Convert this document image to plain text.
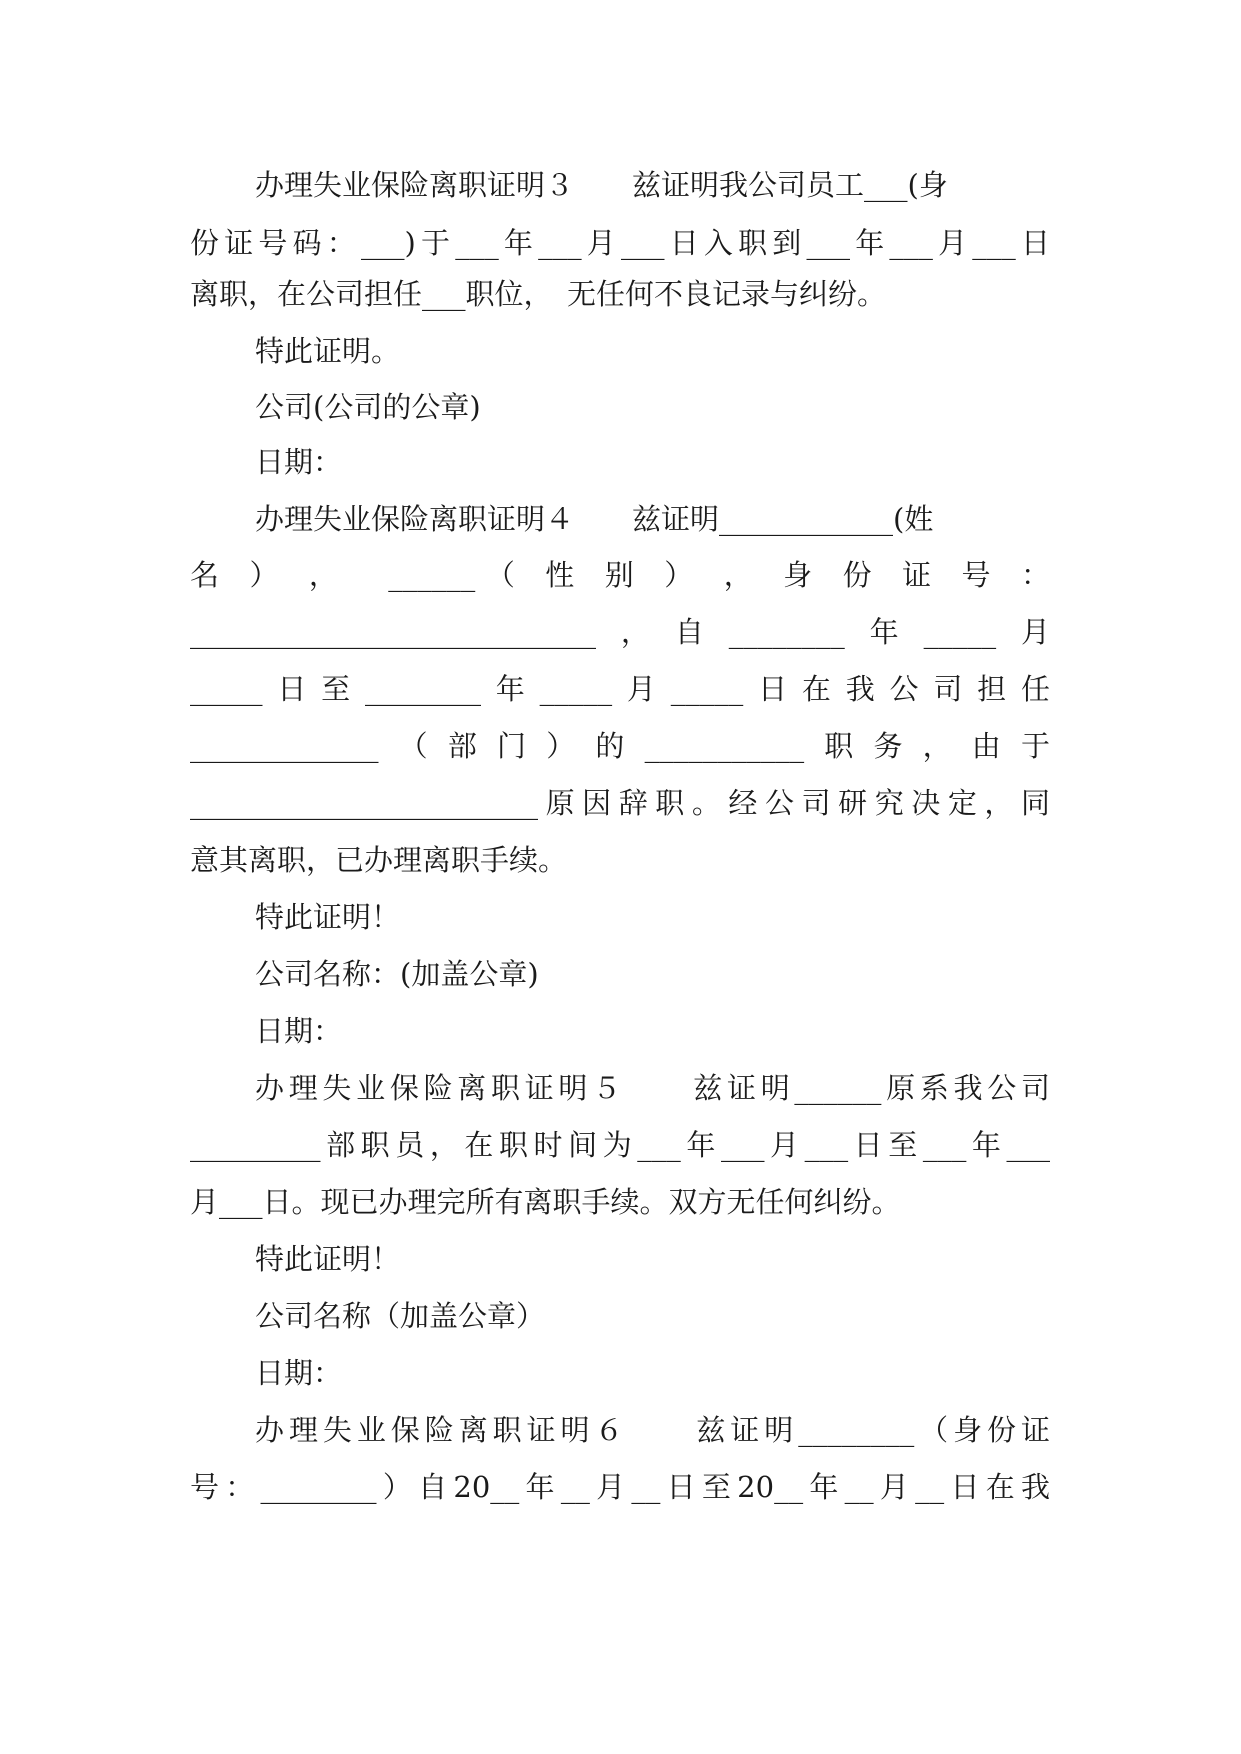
办理失业保险离职证明３　　兹证明我公司员工___(身
份证号码：___)于___年___月___日入职到___年___月___日
离职，在公司担任___职位，　无任何不良记录与纠纷。
特此证明。
公司(公司的公章)
日期：
办理失业保险离职证明４　　兹证明____________(姓
名 ） ，  ______（ 性 别 ） ， 身 份 证 号 ：
____________________________，自________年_____月
_____日至________年_____月_____日在我公司担任
_____________（部门）的___________职务，由于
________________________原因辞职。经公司研究决定，同
意其离职，已办理离职手续。
特此证明！
公司名称：(加盖公章)
日期：
办理失业保险离职证明５　　兹证明______原系我公司
_________部职员，在职时间为___年___月___日至___年___
月___日。现已办理完所有离职手续。双方无任何纠纷。
特此证明！
公司名称（加盖公章）
日期：
办理失业保险离职证明６　　兹证明________（身份证
号：________）自20__年__月__日至20__年__月__日在我
